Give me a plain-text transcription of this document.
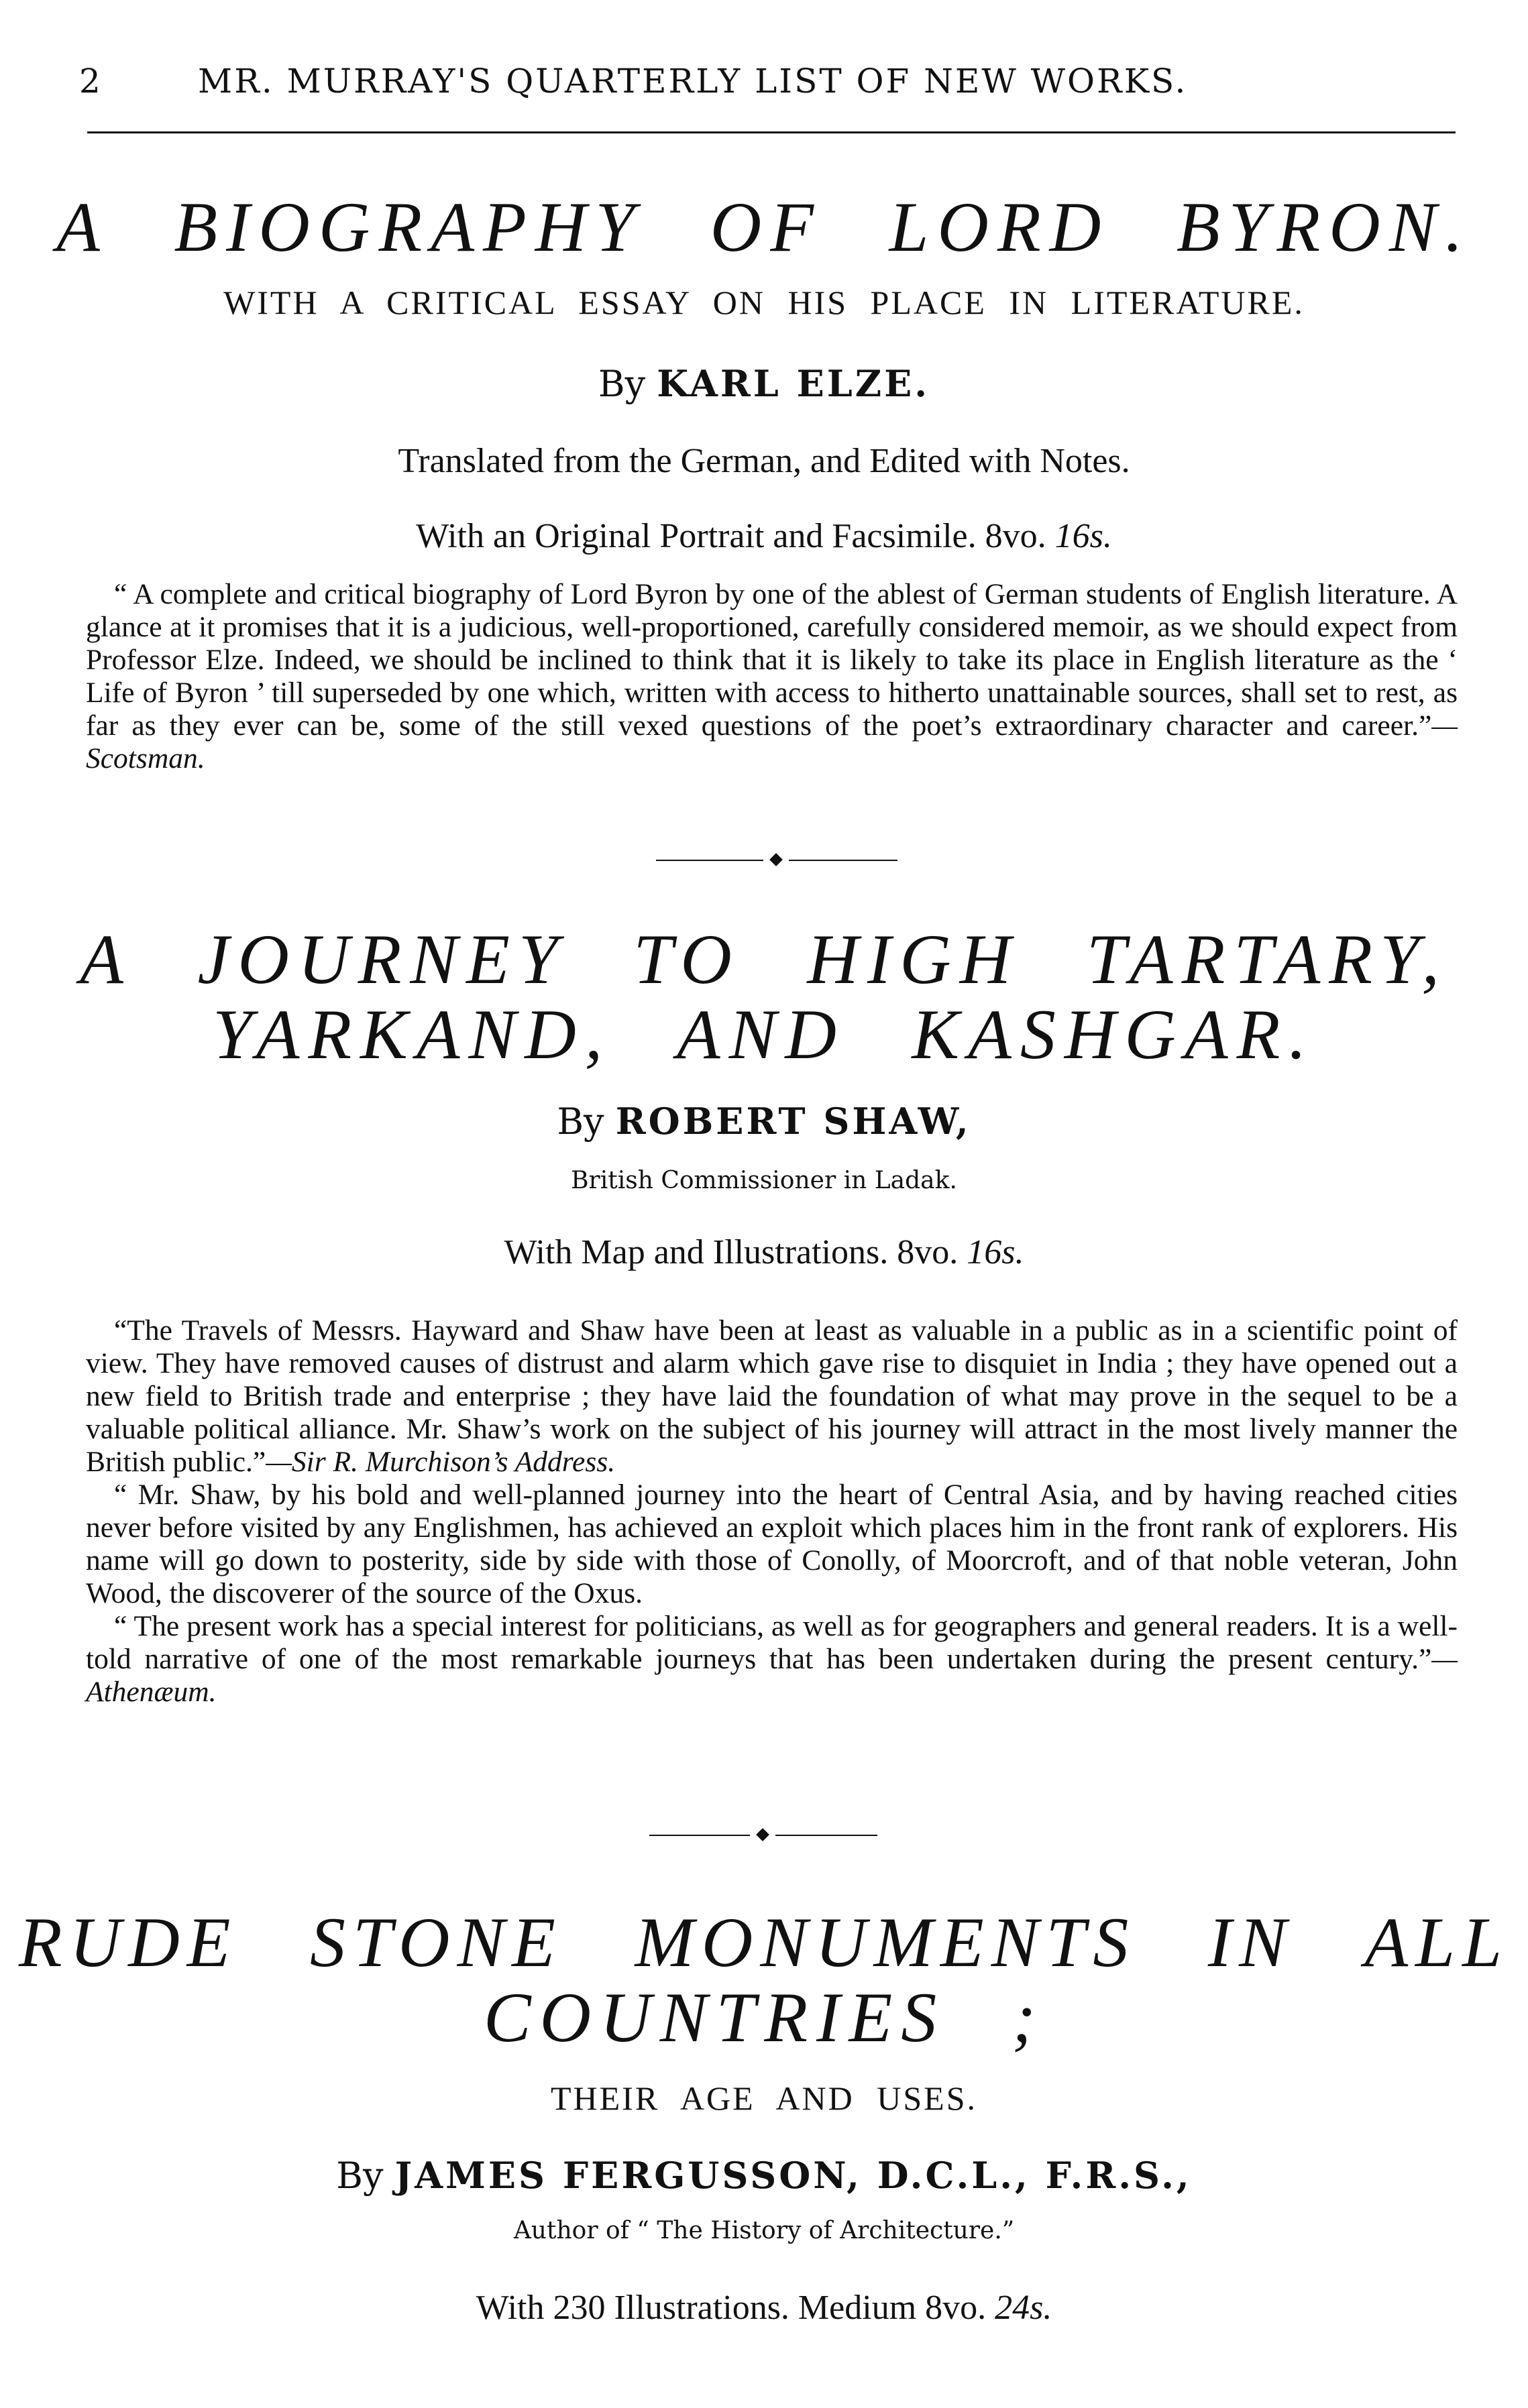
2	MR. MURRAY'S QUARTERLY LIST OF NEW WORKS.
A BIOGRAPHY OF LORD BYRON.
WITH A CRITICAL ESSAY ON HIS PLACE IN LITERATURE.
By KARL ELZE.
Translated from the German, and Edited with Notes.
With an Original Portrait and Facsimile. 8vo. 16s.

“ A complete and critical biography of Lord Byron by one of the ablest of German students of English literature. A glance at it promises that it is a judicious, well-proportioned, carefully considered memoir, as we should expect from Professor Elze. Indeed, we should be inclined to think that it is likely to take its place in English literature as the ‘ Life of Byron ’ till superseded by one which, written with access to hitherto unattainable sources, shall set to rest, as far as they ever can be, some of the still vexed questions of the poet’s extraordinary character and career.”—Scotsman.

A JOURNEY TO HIGH TARTARY,
YARKAND, AND KASHGAR.
By ROBERT SHAW,
British Commissioner in Ladak.
With Map and Illustrations. 8vo. 16s.

“The Travels of Messrs. Hayward and Shaw have been at least as valuable in a public as in a scientific point of view. They have removed causes of distrust and alarm which gave rise to disquiet in India ; they have opened out a new field to British trade and enterprise ; they have laid the foundation of what may prove in the sequel to be a valuable political alliance. Mr. Shaw’s work on the subject of his journey will attract in the most lively manner the British public.”—Sir R. Murchison’s Address.

“ Mr. Shaw, by his bold and well-planned journey into the heart of Central Asia, and by having reached cities never before visited by any Englishmen, has achieved an exploit which places him in the front rank of explorers. His name will go down to posterity, side by side with those of Conolly, of Moorcroft, and of that noble veteran, John Wood, the discoverer of the source of the Oxus.

“ The present work has a special interest for politicians, as well as for geographers and general readers. It is a well-told narrative of one of the most remarkable journeys that has been undertaken during the present century.”—Athenæum.

RUDE STONE MONUMENTS IN ALL
COUNTRIES ;
THEIR AGE AND USES.
By JAMES FERGUSSON, D.C.L., F.R.S.,
Author of “ The History of Architecture.”
With 230 Illustrations. Medium 8vo. 24s.
